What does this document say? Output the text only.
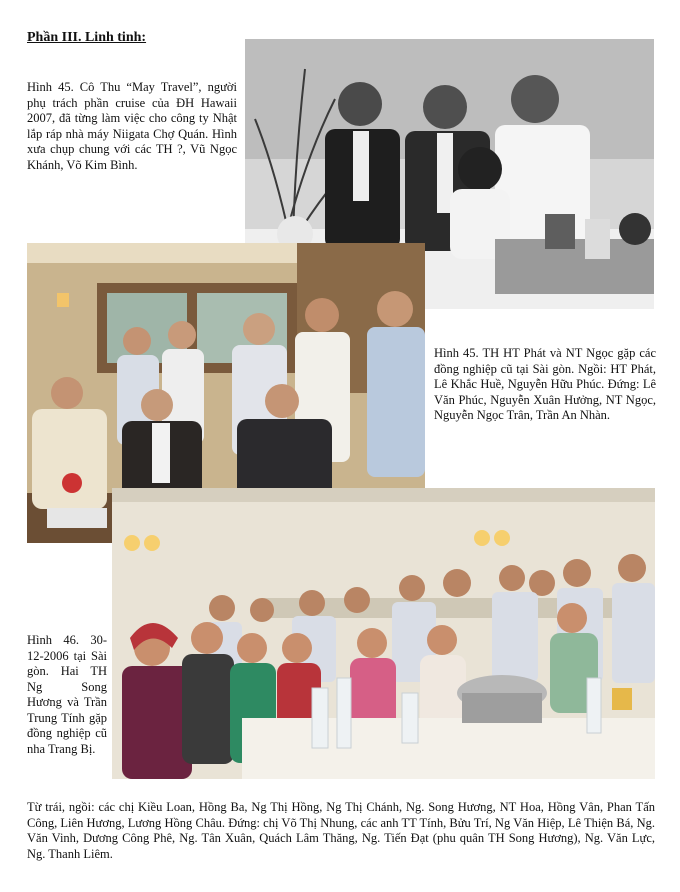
Phần III. Linh tinh:
Hình 45. Cô Thu “May Travel”, người phụ trách phần cruise của ĐH Hawaii 2007, đã từng làm việc cho công ty Nhật lắp ráp nhà máy Niigata Chợ Quán. Hình xưa chụp chung với các TH ?, Vũ Ngọc Khánh, Võ Kim Bình.
Hình 45. TH HT Phát và NT Ngọc gặp các đồng nghiệp cũ tại Sài gòn. Ngồi: HT Phát, Lê Khắc Huề, Nguyễn Hữu Phúc. Đứng: Lê Văn Phúc, Nguyễn Xuân Hưởng, NT Ngọc, Nguyễn Ngọc Trân, Trần An Nhàn.
Hình 46. 30-12-2006 tại Sài gòn. Hai TH Ng Song Hương và Trần Trung Tính gặp đồng nghiệp cũ nha Trang Bị.
Từ trái, ngồi: các chị Kiều Loan, Hồng Ba, Ng Thị Hồng, Ng Thị Chánh, Ng. Song Hương, NT Hoa, Hồng Vân, Phan Tấn Công, Liên Hương, Lương Hồng Châu. Đứng: chị Võ Thị Nhung, các anh TT Tính, Bửu Trí, Ng Văn Hiệp, Lê Thiện Bá, Ng. Văn Vinh, Dương Công Phê, Ng. Tân Xuân, Quách Lâm Thăng, Ng. Tiến Đạt (phu quân TH Song Hương), Ng. Văn Lực, Ng. Thanh Liêm.
